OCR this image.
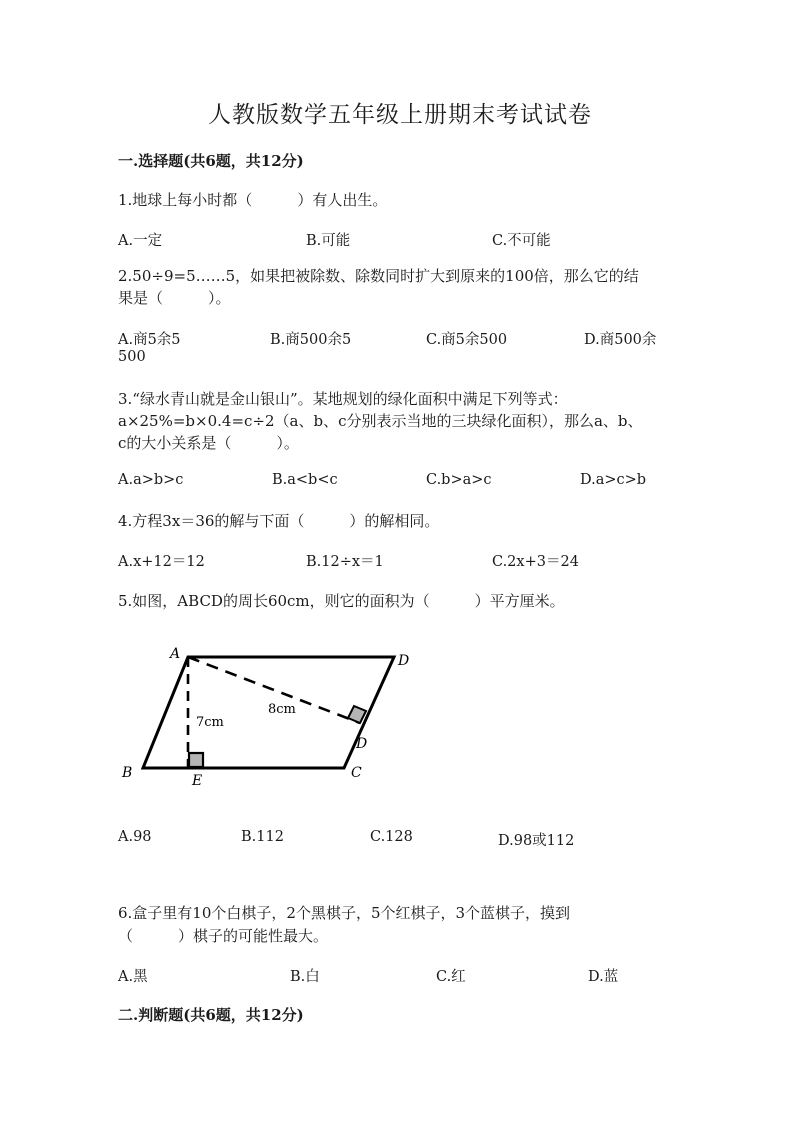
人教版数学五年级上册期末考试试卷
一.选择题(共6题，共12分)
1.地球上每小时都（　　　）有人出生。
A.一定	B.可能	C.不可能
2.50÷9=5……5，如果把被除数、除数同时扩大到原来的100倍，那么它的结
果是（　　　）。
A.商5余5	B.商500余5	C.商5余500	D.商500余
500
3.“绿水青山就是金山银山”。某地规划的绿化面积中满足下列等式：
a×25%=b×0.4=c÷2（a、b、c分别表示当地的三块绿化面积），那么a、b、
c的大小关系是（　　　）。
A.a>b>c	B.a<b<c	C.b>a>c	D.a>c>b
4.方程3x＝36的解与下面（　　　）的解相同。
A.x+12＝12	B.12÷x＝1	C.2x+3＝24
5.如图，ABCD的周长60cm，则它的面积为（　　　）平方厘米。
A	D
B	C
E
D
7cm
8cm
A.98	B.112	C.128	D.98或112
6.盒子里有10个白棋子，2个黑棋子，5个红棋子，3个蓝棋子，摸到
（　　　）棋子的可能性最大。
A.黑	B.白	C.红	D.蓝
二.判断题(共6题，共12分)
